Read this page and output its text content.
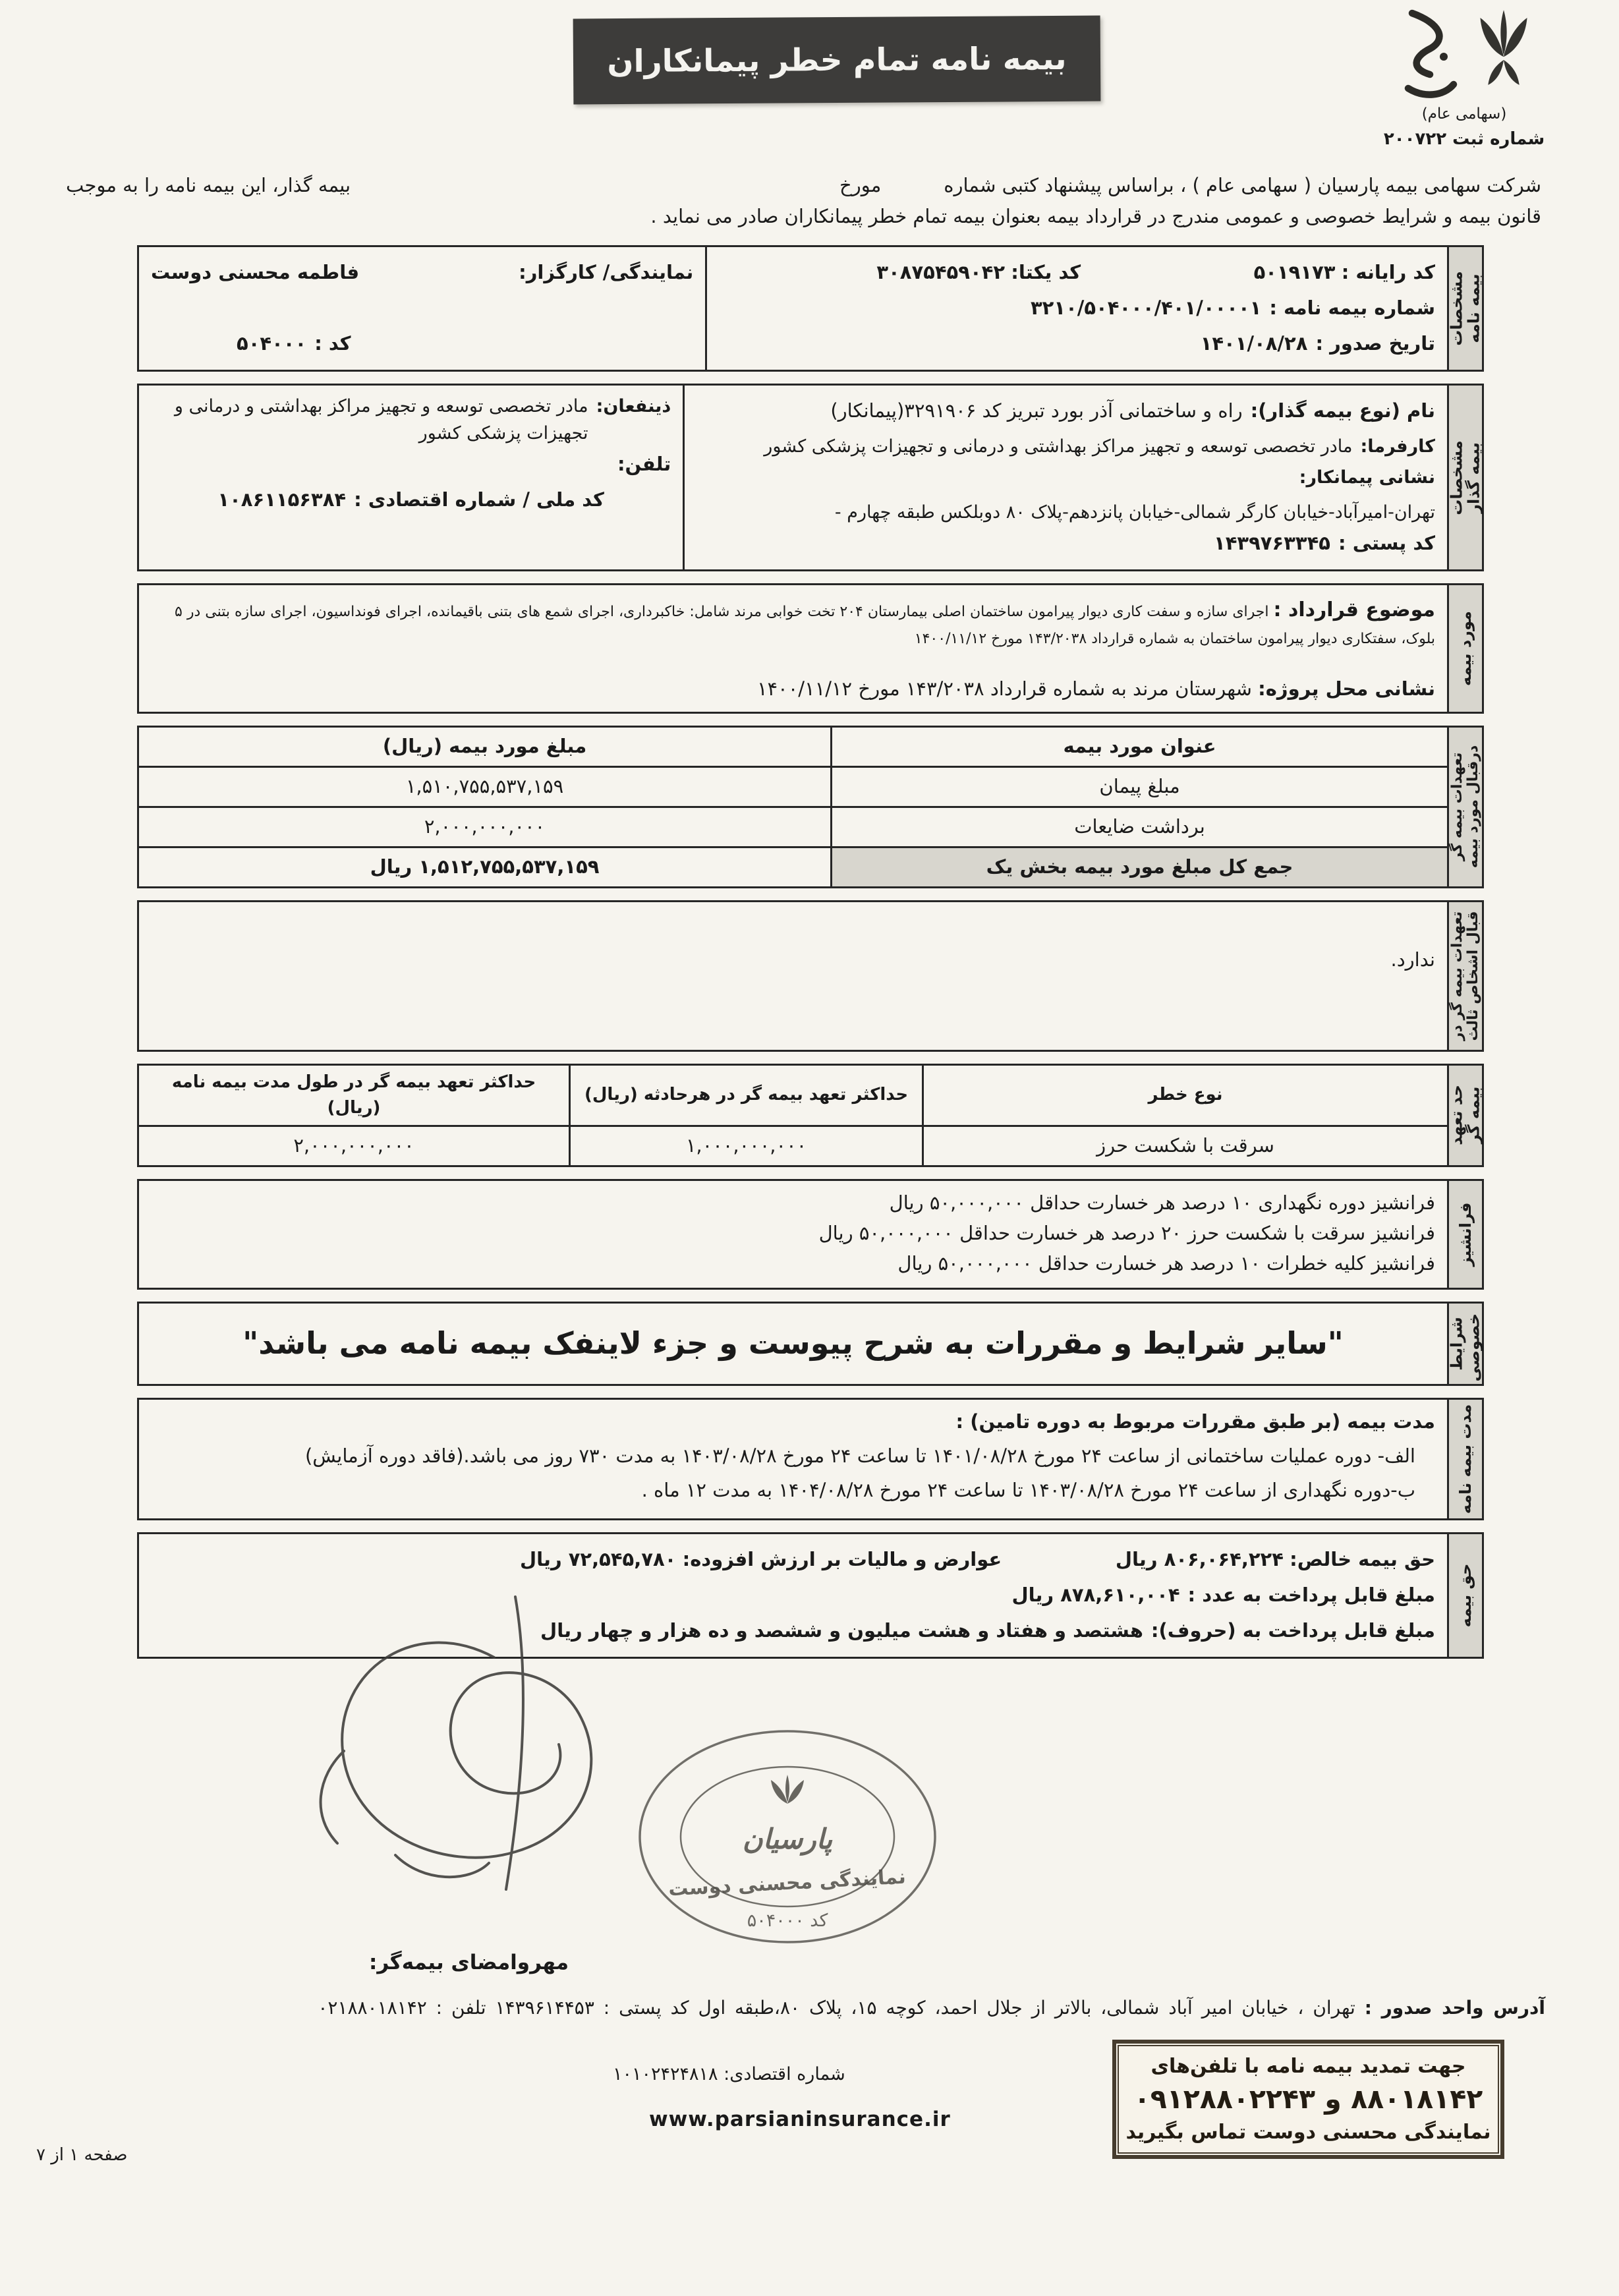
بیمه نامه تمام خطر پیمانکاران
(سهامی عام)
شماره ثبت ۲۰۰۷۲۲
شرکت سهامی بیمه پارسیان ( سهامی عام ) ، براساس پیشنهاد کتبی شماره
مورخ
بیمه گذار، این بیمه نامه را به موجب
قانون بیمه و شرایط خصوصی و عمومی مندرج در قرارداد بیمه بعنوان بیمه تمام خطر پیمانکاران صادر می نماید .
مشخصات بیمه نامه
کد رایانه : ۵۰۱۹۱۷۳
کد یکتا: ۳۰۸۷۵۴۵۹۰۴۲
شماره بیمه نامه :
۳۲۱۰/۵۰۴۰۰۰/۴۰۱/۰۰۰۰۱
تاریخ صدور :
۱۴۰۱/۰۸/۲۸
نمایندگی/ کارگزار:
فاطمه محسنی دوست
کد :
۵۰۴۰۰۰
مشخصات بیمه گذار
نام (نوع بیمه گذار):
راه و ساختمانی آذر بورد تبریز کد ۳۲۹۱۹۰۶(پیمانکار)
کارفرما:
مادر تخصصی توسعه و تجهیز مراکز بهداشتی و درمانی و تجهیزات پزشکی کشور
نشانی پیمانکار:
تهران-امیرآباد-خیابان کارگر شمالی-خیابان پانزدهم-پلاک ۸۰ دوبلکس طبقه چهارم -
کد پستی :
۱۴۳۹۷۶۳۳۴۵
ذینفعان:
مادر تخصصی توسعه و تجهیز مراکز بهداشتی و درمانی و تجهیزات پزشکی کشور
تلفن:
کد ملی / شماره اقتصادی :
۱۰۸۶۱۱۵۶۳۸۴
مورد بیمه
موضوع قرارداد : اجرای سازه و سفت کاری دیوار پیرامون ساختمان اصلی بیمارستان ۲۰۴ تخت خوابی مرند شامل: خاکبرداری، اجرای شمع های بتنی باقیمانده، اجرای فونداسیون، اجرای سازه بتنی در ۵ بلوک، سفتکاری دیوار پیرامون ساختمان به شماره قرارداد ۱۴۳/۲۰۳۸ مورخ ۱۴۰۰/۱۱/۱۲
نشانی محل پروژه: شهرستان مرند به شماره قرارداد ۱۴۳/۲۰۳۸ مورخ ۱۴۰۰/۱۱/۱۲
تعهدات بیمه گر درقبال مورد بیمه
عنوان مورد بیمه
مبلغ مورد بیمه (ریال)
مبلغ پیمان
۱,۵۱۰,۷۵۵,۵۳۷,۱۵۹
برداشت ضایعات
۲,۰۰۰,۰۰۰,۰۰۰
جمع کل مبلغ مورد بیمه بخش یک
۱,۵۱۲,۷۵۵,۵۳۷,۱۵۹ ریال
تعهدات بیمه گر در قبال اشخاص ثالث
ندارد.
حد تعهد بیمه گر
نوع خطر
حداکثر تعهد بیمه گر در هرحادثه (ریال)
حداکثر تعهد بیمه گر در طول مدت بیمه نامه (ریال)
سرقت با شکست حرز
۱,۰۰۰,۰۰۰,۰۰۰
۲,۰۰۰,۰۰۰,۰۰۰
فرانشیز
فرانشیز دوره نگهداری ۱۰ درصد هر خسارت حداقل ۵۰,۰۰۰,۰۰۰ ریال
فرانشیز سرقت با شکست حرز ۲۰ درصد هر خسارت حداقل ۵۰,۰۰۰,۰۰۰ ریال
فرانشیز کلیه خطرات ۱۰ درصد هر خسارت حداقل ۵۰,۰۰۰,۰۰۰ ریال
شرایط خصوصی
"سایر شرایط و مقررات به شرح پیوست و جزء لاینفک بیمه نامه می باشد"
مدت بیمه نامه
مدت بیمه (بر طبق مقررات مربوط به دوره تامین) :
الف- دوره عملیات ساختمانی از ساعت ۲۴ مورخ ۱۴۰۱/۰۸/۲۸ تا ساعت ۲۴ مورخ ۱۴۰۳/۰۸/۲۸ به مدت ۷۳۰ روز می باشد.(فاقد دوره آزمایش)
ب-دوره نگهداری از ساعت ۲۴ مورخ ۱۴۰۳/۰۸/۲۸ تا ساعت ۲۴ مورخ ۱۴۰۴/۰۸/۲۸ به مدت ۱۲ ماه .
حق بیمه
حق بیمه خالص: ۸۰۶,۰۶۴,۲۲۴ ریال
عوارض و مالیات بر ارزش افزوده: ۷۲,۵۴۵,۷۸۰ ریال
مبلغ قابل پرداخت به عدد :
۸۷۸,۶۱۰,۰۰۴ ریال
مبلغ قابل پرداخت به (حروف):
هشتصد و هفتاد و هشت میلیون و ششصد و ده هزار و چهار ریال
پارسیان
نمایندگی محسنی دوست
کد ۵۰۴۰۰۰
مهروامضای بیمه‌گر:
آدرس واحد صدور : تهران ، خیابان امیر آباد شمالی، بالاتر از جلال احمد، کوچه ۱۵، پلاک ۸۰،طبقه اول کد پستی : ۱۴۳۹۶۱۴۴۵۳ تلفن : ۰۲۱۸۸۰۱۸۱۴۲
شماره اقتصادی: ۱۰۱۰۲۴۲۴۸۱۸
www.parsianinsurance.ir
صفحه ۱ از ۷
جهت تمدید بیمه نامه با تلفن‌های
۸۸۰۱۸۱۴۲ و ۰۹۱۲۸۸۰۲۲۴۳
نمایندگی محسنی دوست تماس بگیرید
